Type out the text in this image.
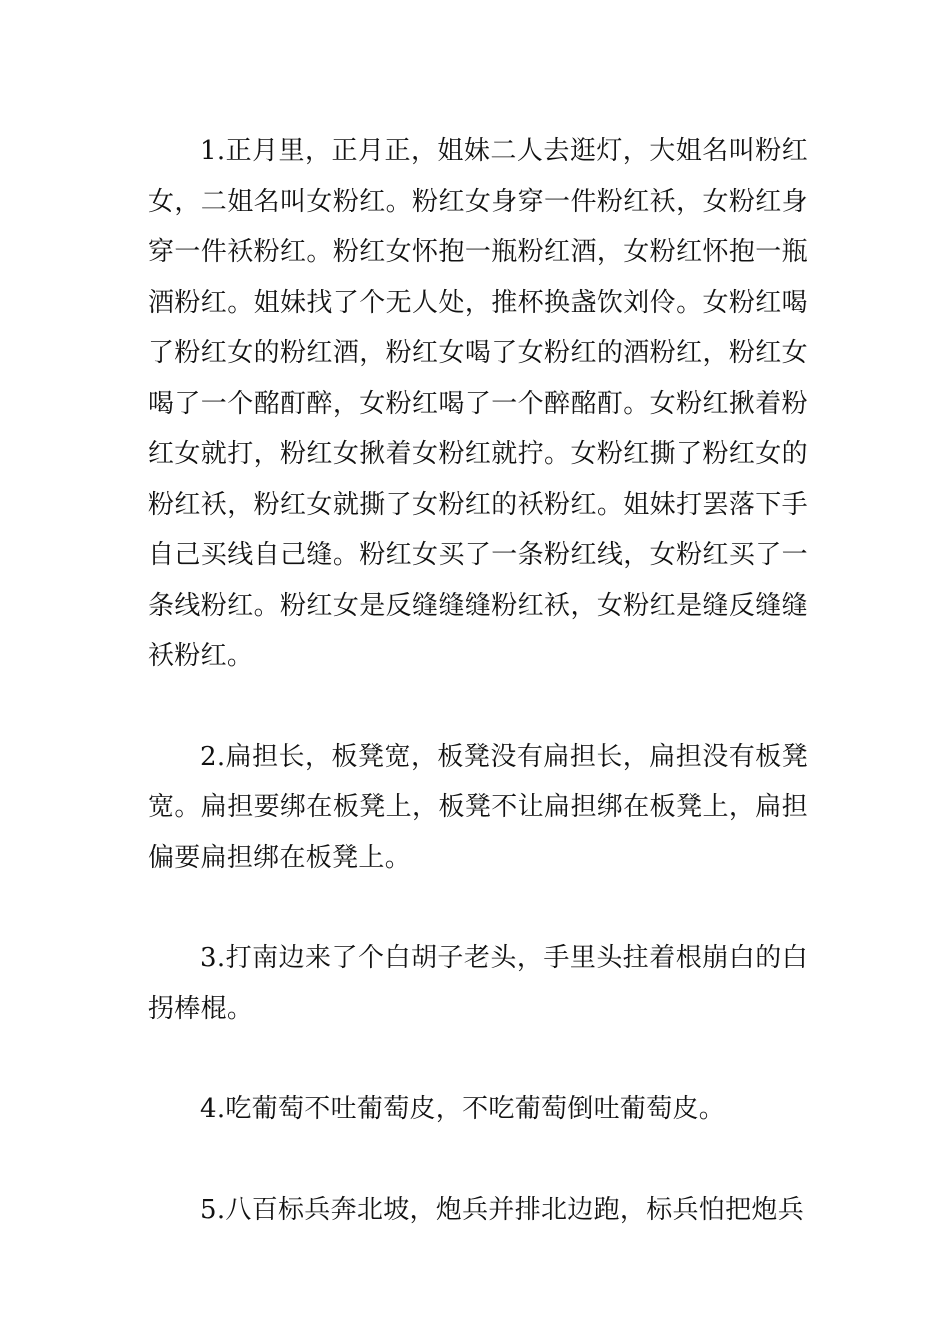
1.正月里，正月正，姐妹二人去逛灯，大姐名叫粉红女，二姐名叫女粉红。粉红女身穿一件粉红袄，女粉红身穿一件袄粉红。粉红女怀抱一瓶粉红酒，女粉红怀抱一瓶酒粉红。姐妹找了个无人处，推杯换盏饮刘伶。女粉红喝了粉红女的粉红酒，粉红女喝了女粉红的酒粉红，粉红女喝了一个酩酊醉，女粉红喝了一个醉酩酊。女粉红揪着粉红女就打，粉红女揪着女粉红就拧。女粉红撕了粉红女的粉红袄，粉红女就撕了女粉红的袄粉红。姐妹打罢落下手自己买线自己缝。粉红女买了一条粉红线，女粉红买了一条线粉红。粉红女是反缝缝缝粉红袄，女粉红是缝反缝缝袄粉红。

2.扁担长，板凳宽，板凳没有扁担长，扁担没有板凳宽。扁担要绑在板凳上，板凳不让扁担绑在板凳上，扁担偏要扁担绑在板凳上。

3.打南边来了个白胡子老头，手里头拄着根崩白的白拐棒棍。

4.吃葡萄不吐葡萄皮，不吃葡萄倒吐葡萄皮。

5.八百标兵奔北坡，炮兵并排北边跑，标兵怕把炮兵
